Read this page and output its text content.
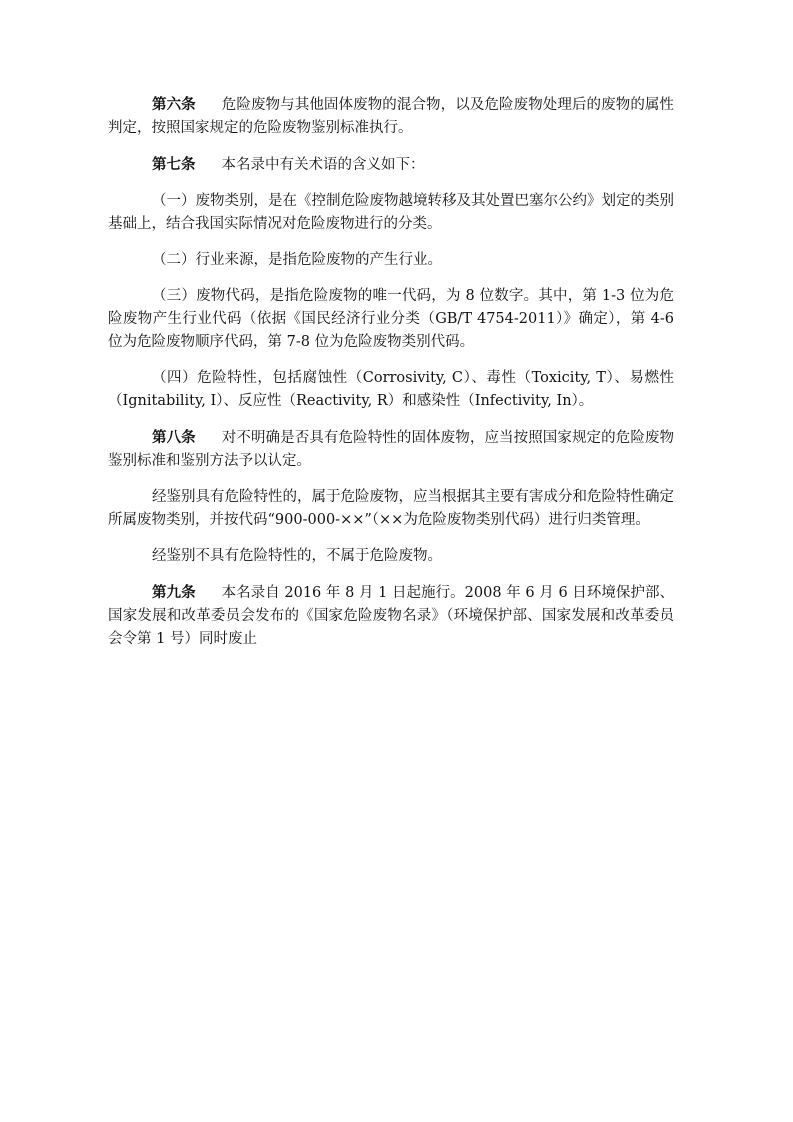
第六条 危险废物与其他固体废物的混合物，以及危险废物处理后的废物的属性判定，按照国家规定的危险废物鉴别标准执行。

第七条 本名录中有关术语的含义如下：

（一）废物类别，是在《控制危险废物越境转移及其处置巴塞尔公约》划定的类别基础上，结合我国实际情况对危险废物进行的分类。

（二）行业来源，是指危险废物的产生行业。

（三）废物代码，是指危险废物的唯一代码，为 8 位数字。其中，第 1-3 位为危险废物产生行业代码（依据《国民经济行业分类（GB/T 4754-2011）》确定），第 4-6 位为危险废物顺序代码，第 7-8 位为危险废物类别代码。

（四）危险特性，包括腐蚀性（Corrosivity, C）、毒性（Toxicity, T）、易燃性（Ignitability, I）、反应性（Reactivity, R）和感染性（Infectivity, In）。

第八条 对不明确是否具有危险特性的固体废物，应当按照国家规定的危险废物鉴别标准和鉴别方法予以认定。

经鉴别具有危险特性的，属于危险废物，应当根据其主要有害成分和危险特性确定所属废物类别，并按代码“900-000-××”（××为危险废物类别代码）进行归类管理。

经鉴别不具有危险特性的，不属于危险废物。

第九条 本名录自 2016 年 8 月 1 日起施行。2008 年 6 月 6 日环境保护部、国家发展和改革委员会发布的《国家危险废物名录》（环境保护部、国家发展和改革委员会令第 1 号）同时废止
